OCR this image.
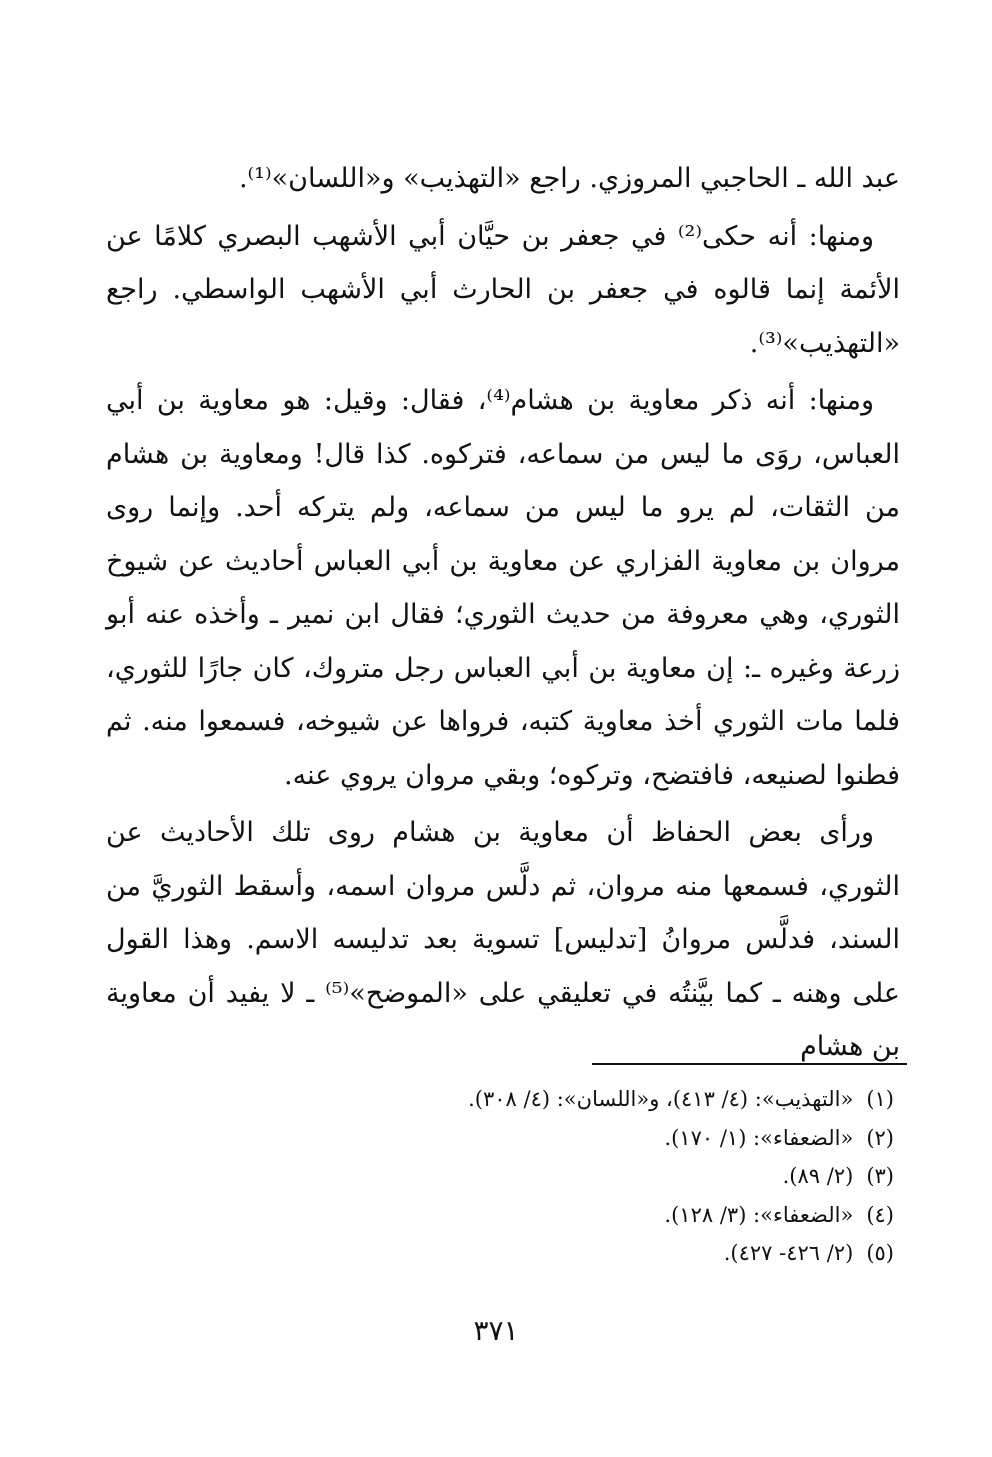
عبد الله ـ الحاجبي المروزي. راجع «التهذيب» و«اللسان»⁽¹⁾.

ومنها: أنه حكى⁽²⁾ في جعفر بن حيَّان أبي الأشهب البصري كلامًا عن الأئمة إنما قالوه في جعفر بن الحارث أبي الأشهب الواسطي. راجع «التهذيب»⁽³⁾.

ومنها: أنه ذكر معاوية بن هشام⁽⁴⁾، فقال: وقيل: هو معاوية بن أبي العباس، روَى ما ليس من سماعه، فتركوه. كذا قال! ومعاوية بن هشام من الثقات، لم يرو ما ليس من سماعه، ولم يتركه أحد. وإنما روى مروان بن معاوية الفزاري عن معاوية بن أبي العباس أحاديث عن شيوخ الثوري، وهي معروفة من حديث الثوري؛ فقال ابن نمير ـ وأخذه عنه أبو زرعة وغيره ـ: إن معاوية بن أبي العباس رجل متروك، كان جارًا للثوري، فلما مات الثوري أخذ معاوية كتبه، فرواها عن شيوخه، فسمعوا منه. ثم فطنوا لصنيعه، فافتضح، وتركوه؛ وبقي مروان يروي عنه.

ورأى بعض الحفاظ أن معاوية بن هشام روى تلك الأحاديث عن الثوري، فسمعها منه مروان، ثم دلَّس مروان اسمه، وأسقط الثوريَّ من السند، فدلَّس مروانُ [تدليس] تسوية بعد تدليسه الاسم. وهذا القول على وهنه ـ كما بيَّنتُه في تعليقي على «الموضح»⁽⁵⁾ ـ لا يفيد أن معاوية بن هشام

(١) «التهذيب»: (٤/ ٤١٣)، و«اللسان»: (٤/ ٣٠٨).
(٢) «الضعفاء»: (١/ ١٧٠).
(٣) (٢/ ٨٩).
(٤) «الضعفاء»: (٣/ ١٢٨).
(٥) (٢/ ٤٢٦- ٤٢٧).
٣٧١
